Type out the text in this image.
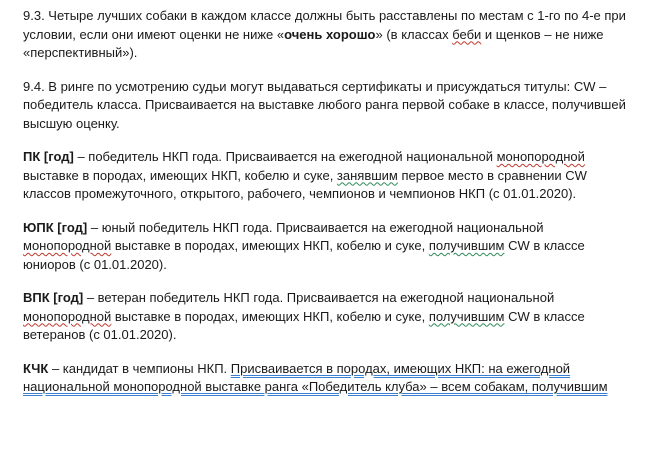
9.3. Четыре лучших собаки в каждом классе должны быть расставлены по местам с 1-го по 4-е при
условии, если они имеют оценки не ниже «очень хорошо» (в классах беби и щенков – не ниже
«перспективный»).

9.4. В ринге по усмотрению судьи могут выдаваться сертификаты и присуждаться титулы: CW –
победитель класса. Присваивается на выставке любого ранга первой собаке в классе, получившей
высшую оценку.

ПК [год] – победитель НКП года. Присваивается на ежегодной национальной монопородной
выставке в породах, имеющих НКП, кобелю и суке, занявшим первое место в сравнении CW
классов промежуточного, открытого, рабочего, чемпионов и чемпионов НКП (с 01.01.2020).

ЮПК [год] – юный победитель НКП года. Присваивается на ежегодной национальной
монопородной выставке в породах, имеющих НКП, кобелю и суке, получившим CW в классе
юниоров (с 01.01.2020).

ВПК [год] – ветеран победитель НКП года. Присваивается на ежегодной национальной
монопородной выставке в породах, имеющих НКП, кобелю и суке, получившим CW в классе
ветеранов (с 01.01.2020).

КЧК – кандидат в чемпионы НКП. Присваивается в породах, имеющих НКП: на ежегодной
национальной монопородной выставке ранга «Победитель клуба» – всем собакам, получившим
